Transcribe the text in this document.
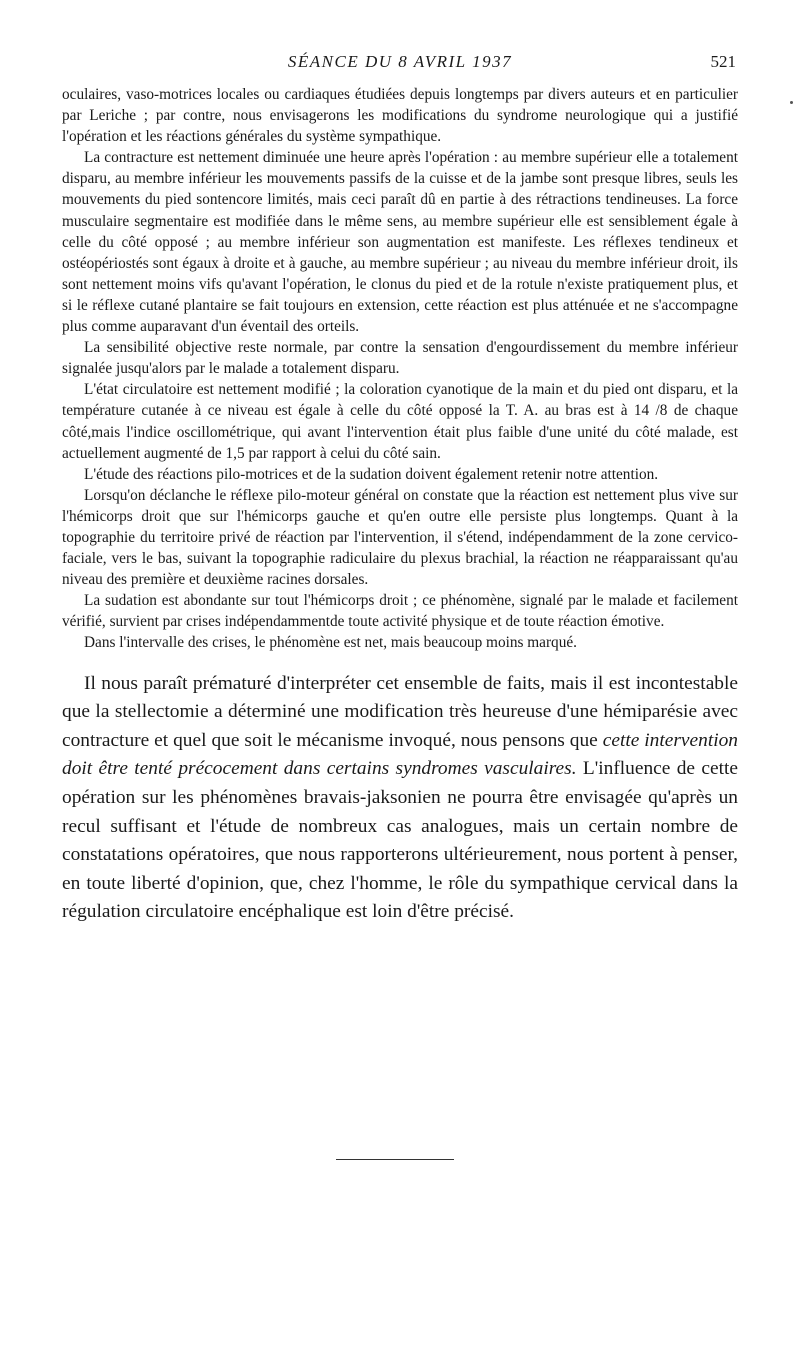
SÉANCE DU 8 AVRIL 1937	521

oculaires, vaso-motrices locales ou cardiaques étudiées depuis longtemps par divers auteurs et en particulier par Leriche ; par contre, nous envisagerons les modifications du syndrome neurologique qui a justifié l'opération et les réactions générales du système sympathique.

La contracture est nettement diminuée une heure après l'opération : au membre supérieur elle a totalement disparu, au membre inférieur les mouvements passifs de la cuisse et de la jambe sont presque libres, seuls les mouvements du pied sontencore limités, mais ceci paraît dû en partie à des rétractions tendineuses. La force musculaire segmentaire est modifiée dans le même sens, au membre supérieur elle est sensiblement égale à celle du côté opposé ; au membre inférieur son augmentation est manifeste. Les réflexes tendineux et ostéopériostés sont égaux à droite et à gauche, au membre supérieur ; au niveau du membre inférieur droit, ils sont nettement moins vifs qu'avant l'opération, le clonus du pied et de la rotule n'existe pratiquement plus, et si le réflexe cutané plantaire se fait toujours en extension, cette réaction est plus atténuée et ne s'accompagne plus comme auparavant d'un éventail des orteils.

La sensibilité objective reste normale, par contre la sensation d'engourdissement du membre inférieur signalée jusqu'alors par le malade a totalement disparu.

L'état circulatoire est nettement modifié ; la coloration cyanotique de la main et du pied ont disparu, et la température cutanée à ce niveau est égale à celle du côté opposé la T. A. au bras est à 14 /8 de chaque côté,mais l'indice oscillométrique, qui avant l'intervention était plus faible d'une unité du côté malade, est actuellement augmenté de 1,5 par rapport à celui du côté sain.

L'étude des réactions pilo-motrices et de la sudation doivent également retenir notre attention.

Lorsqu'on déclanche le réflexe pilo-moteur général on constate que la réaction est nettement plus vive sur l'hémicorps droit que sur l'hémicorps gauche et qu'en outre elle persiste plus longtemps. Quant à la topographie du territoire privé de réaction par l'intervention, il s'étend, indépendamment de la zone cervico-faciale, vers le bas, suivant la topographie radiculaire du plexus brachial, la réaction ne réapparaissant qu'au niveau des première et deuxième racines dorsales.

La sudation est abondante sur tout l'hémicorps droit ; ce phénomène, signalé par le malade et facilement vérifié, survient par crises indépendammentde toute activité physique et de toute réaction émotive.

Dans l'intervalle des crises, le phénomène est net, mais beaucoup moins marqué.

Il nous paraît prématuré d'interpréter cet ensemble de faits, mais il est incontestable que la stellectomie a déterminé une modification très heureuse d'une hémiparésie avec contracture et quel que soit le mécanisme invoqué, nous pensons que cette intervention doit être tenté précocement dans certains syndromes vasculaires. L'influence de cette opération sur les phénomènes bravais-jaksonien ne pourra être envisagée qu'après un recul suffisant et l'étude de nombreux cas analogues, mais un certain nombre de constatations opératoires, que nous rapporterons ultérieurement, nous portent à penser, en toute liberté d'opinion, que, chez l'homme, le rôle du sympathique cervical dans la régulation circulatoire encéphalique est loin d'être précisé.
